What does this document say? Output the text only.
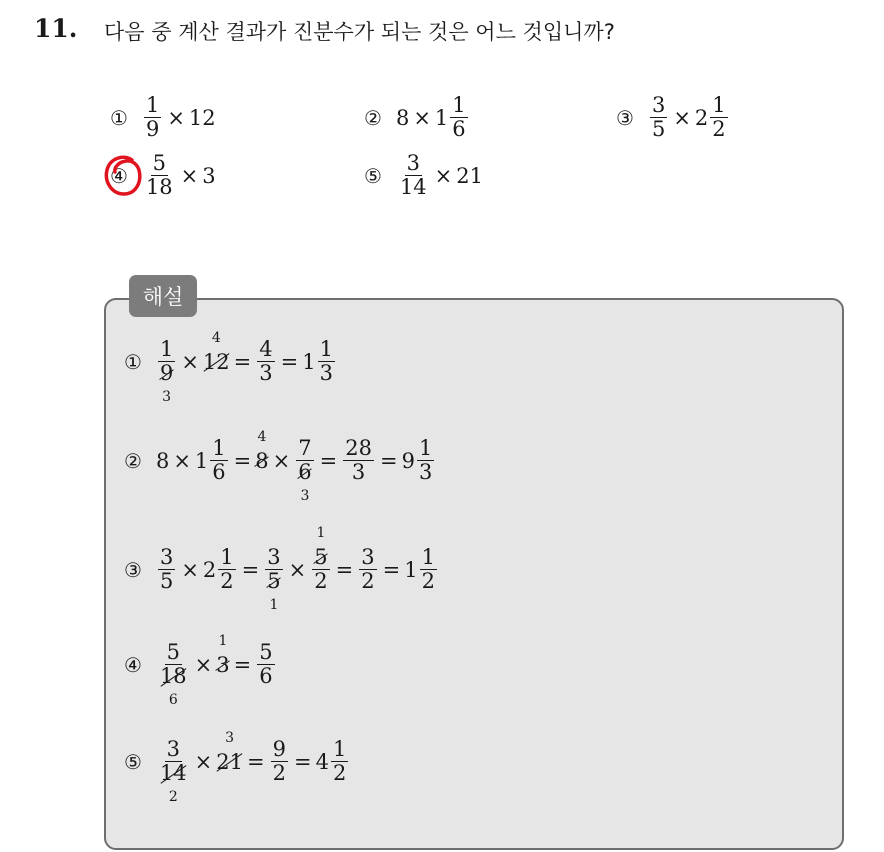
11. 다음 중 계산 결과가 진분수가 되는 것은 어느 것입니까?
① $\frac{1}{9} \times 12$	② $8 \times 1 \frac{1}{6}$	③ $\frac{3}{5} \times 2 \frac{1}{2}$
④ $\frac{5}{18} \times 3$	⑤ $\frac{3}{14} \times 21$
해설
① 1
9
3 × 12
4
= $\frac{4}{3} = 1 \frac{1}{3}$
② $8 \times 1 \frac{1}{6} = 8$
4
× 7
6
$3 = \frac{28}{3} = 9 \frac{1}{3}$
③ $\frac{3}{5} \times 2 \frac{1}{2} = 3$
5
1 × 5
1
$2 = \frac{3}{2} = 1 \frac{1}{2}$
④ 5
18
6 × 3
1
= $\frac{5}{6}$
⑤ 3
14
2 × 21
3
= $\frac{9}{2} = 4 \frac{1}{2}$
